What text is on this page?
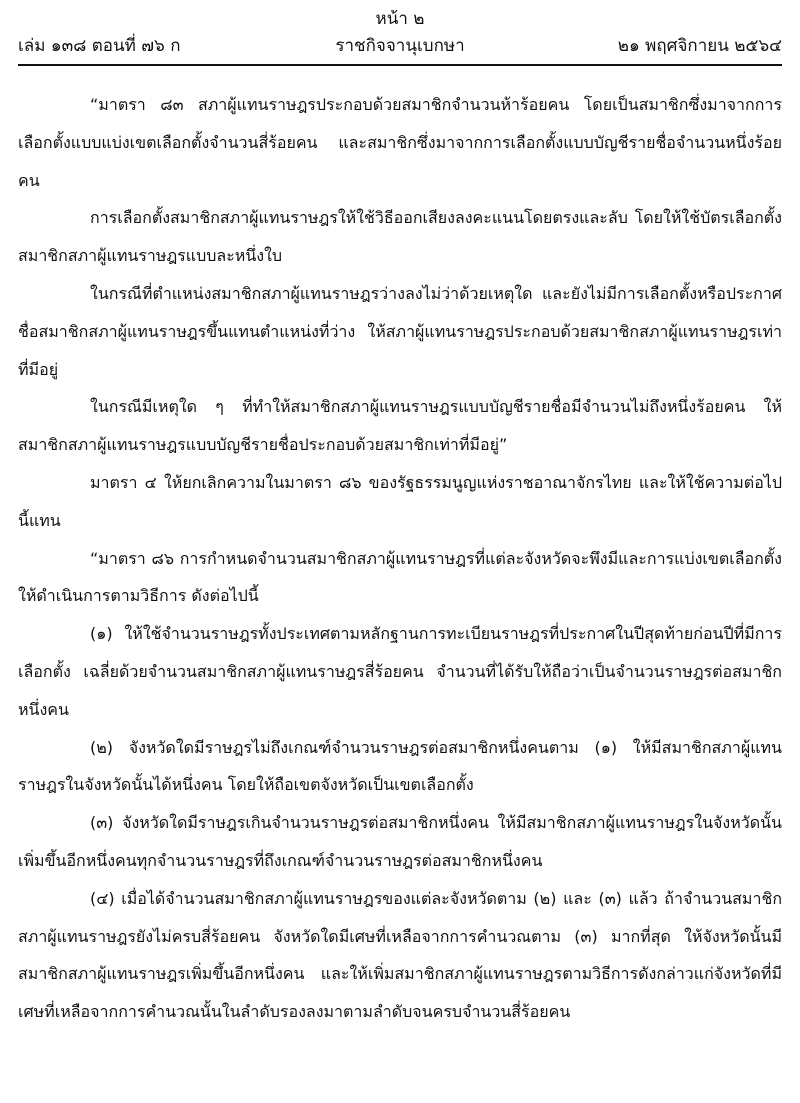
หน้า ๒
ราชกิจจานุเบกษา
เล่ม ๑๓๘ ตอนที่ ๗๖ ก	๒๑ พฤศจิกายน ๒๕๖๔

“มาตรา ๘๓ สภาผู้แทนราษฎรประกอบด้วยสมาชิกจำนวนห้าร้อยคน โดยเป็นสมาชิกซึ่งมาจากการเลือกตั้งแบบแบ่งเขตเลือกตั้งจำนวนสี่ร้อยคน และสมาชิกซึ่งมาจากการเลือกตั้งแบบบัญชีรายชื่อจำนวนหนึ่งร้อยคน

การเลือกตั้งสมาชิกสภาผู้แทนราษฎรให้ใช้วิธีออกเสียงลงคะแนนโดยตรงและลับ โดยให้ใช้บัตรเลือกตั้งสมาชิกสภาผู้แทนราษฎรแบบละหนึ่งใบ

ในกรณีที่ตำแหน่งสมาชิกสภาผู้แทนราษฎรว่างลงไม่ว่าด้วยเหตุใด และยังไม่มีการเลือกตั้งหรือประกาศชื่อสมาชิกสภาผู้แทนราษฎรขึ้นแทนตำแหน่งที่ว่าง ให้สภาผู้แทนราษฎรประกอบด้วยสมาชิกสภาผู้แทนราษฎรเท่าที่มีอยู่

ในกรณีมีเหตุใด ๆ ที่ทำให้สมาชิกสภาผู้แทนราษฎรแบบบัญชีรายชื่อมีจำนวนไม่ถึงหนึ่งร้อยคน ให้สมาชิกสภาผู้แทนราษฎรแบบบัญชีรายชื่อประกอบด้วยสมาชิกเท่าที่มีอยู่”

มาตรา ๔ ให้ยกเลิกความในมาตรา ๘๖ ของรัฐธรรมนูญแห่งราชอาณาจักรไทย และให้ใช้ความต่อไปนี้แทน

“มาตรา ๘๖ การกำหนดจำนวนสมาชิกสภาผู้แทนราษฎรที่แต่ละจังหวัดจะพึงมีและการแบ่งเขตเลือกตั้ง ให้ดำเนินการตามวิธีการ ดังต่อไปนี้

(๑) ให้ใช้จำนวนราษฎรทั้งประเทศตามหลักฐานการทะเบียนราษฎรที่ประกาศในปีสุดท้ายก่อนปีที่มีการเลือกตั้ง เฉลี่ยด้วยจำนวนสมาชิกสภาผู้แทนราษฎรสี่ร้อยคน จำนวนที่ได้รับให้ถือว่าเป็นจำนวนราษฎรต่อสมาชิกหนึ่งคน

(๒) จังหวัดใดมีราษฎรไม่ถึงเกณฑ์จำนวนราษฎรต่อสมาชิกหนึ่งคนตาม (๑) ให้มีสมาชิกสภาผู้แทนราษฎรในจังหวัดนั้นได้หนึ่งคน โดยให้ถือเขตจังหวัดเป็นเขตเลือกตั้ง

(๓) จังหวัดใดมีราษฎรเกินจำนวนราษฎรต่อสมาชิกหนึ่งคน ให้มีสมาชิกสภาผู้แทนราษฎรในจังหวัดนั้นเพิ่มขึ้นอีกหนึ่งคนทุกจำนวนราษฎรที่ถึงเกณฑ์จำนวนราษฎรต่อสมาชิกหนึ่งคน

(๔) เมื่อได้จำนวนสมาชิกสภาผู้แทนราษฎรของแต่ละจังหวัดตาม (๒) และ (๓) แล้ว ถ้าจำนวนสมาชิกสภาผู้แทนราษฎรยังไม่ครบสี่ร้อยคน จังหวัดใดมีเศษที่เหลือจากการคำนวณตาม (๓) มากที่สุด ให้จังหวัดนั้นมีสมาชิกสภาผู้แทนราษฎรเพิ่มขึ้นอีกหนึ่งคน และให้เพิ่มสมาชิกสภาผู้แทนราษฎรตามวิธีการดังกล่าวแก่จังหวัดที่มีเศษที่เหลือจากการคำนวณนั้นในลำดับรองลงมาตามลำดับจนครบจำนวนสี่ร้อยคน
